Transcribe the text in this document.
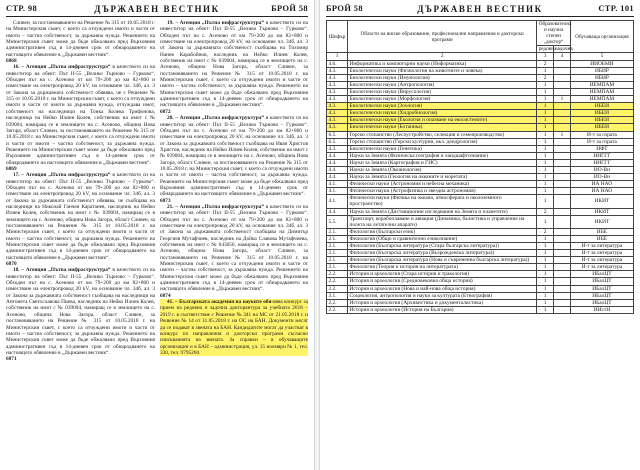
СТР. 98	ДЪРЖАВЕН ВЕСТНИК	БРОЙ 58

Сливен, за постановяването на Решение № 315 от 10.05.2018 г. на Министерския съвет, с което са отчуждени имоти и части от имоти – частна собственост, за държавна нужда. Решението на Министерския съвет може да бъде обжалвано пред Върховния административен съд в 14-дневен срок от обнародването на настоящото обявление в „Държавен вестник“.

6868

16. – Агенция „Пътна инфраструктура“ в качеството си на инвеститор на обект: Път II-55 „Велико Търново – Гурково“. Обходен път на с. Асеново от км 79+200 до км 82+800 и изместване на електропровод 20 kV, на основание чл. 34б, ал. 3 от Закона за държавната собственост обявява, че с Решение № 315 от 10.05.2018 г. на Министерския съвет, с което са отчуждени имоти и части от имоти за държавна нужда, отчуждава имот, собственост на наследници на Тонка Колева Трифонова, наследница на Нейко Илиев Колев, собственик на имот с № 039004, намиращ се в землището на с. Асеново, община Нова Загора, област Сливен, за постановяването на Решение № 315 от 10.05.2018 г. на Министерския съвет, с което са отчуждени имоти и части от имоти – частна собственост, за държавна нужда. Решението на Министерския съвет може да бъде обжалвано пред Върховния административен съд в 14-дневен срок от обнародването на настоящото обявление в „Държавен вестник“.

6869

17. – Агенция „Пътна инфраструктура“ в качеството си на инвеститор на обект: Път II-55 „Велико Търново – Гурково“. Обходен път на с. Асеново от км 79+200 до км 82+800 и изместване на електропровод 20 kV, на основание чл. 34б, ал. 3 от Закона за държавната собственост обявява, че съобщава на наследници на Николай Ганчев Каратанев, наследник на Нейко Илиев Колев, собственик на имот с № 039004, намиращ се в землището на с. Асеново, община Нова Загора, област Сливен, за постановяването на Решение № 315 от 10.05.2018 г. на Министерския съвет, с което са отчуждени имоти и части от имоти – частна собственост, за държавна нужда. Решението на Министерския съвет може да бъде обжалвано пред Върховния административен съд в 14-дневен срок от обнародването на настоящото обявление в „Държавен вестник“.

6870

18. – Агенция „Пътна инфраструктура“ в качеството си на инвеститор на обект: Път II-55 „Велико Търново – Гурково“. Обходен път на с. Асеново от км 79+200 до км 82+800 и изместване на електропровод 20 kV, на основание чл. 34б, ал. 3 от Закона за държавната собственост съобщава на наследници на Антонета Светославова Пиева, наследник на Нейко Илиев Колев, собственик на имот с № 039004, намиращ се в землището на с. Асеново, община Нова Загора, област Сливен, за постановяването на Решение № 315 от 10.05.2018 г. на Министерския съвет, с което са отчуждени имоти и части от имоти – частна собственост, за държавна нужда. Решението на Министерския съвет може да бъде обжалвано пред Върховния административен съд в 14-дневен срок от обнародването на настоящото обявление в „Държавен вестник“.

6871

19. – Агенция „Пътна инфраструктура“ в качеството си на инвеститор на обект: Път II-55 „Велико Търново – Гурково“. Обходен път на с. Асеново от км 79+200 до км 82+800 и изместване на електропровод 20 kV, на основание чл. 34б, ал. 3 от Закона за държавната собственост съобщава на Тихомир Нанев Карабойнов, наследник на Нейко Илиев Колев, собственик на имот с № 039004, намиращ се в землището на с. Асеново, община Нова Загора, област Сливен, за постановяването на Решение № 315 от 10.05.2018 г. на Министерския съвет, с което са отчуждени имоти и части от имоти – частна собственост, за държавна нужда. Решението на Министерския съвет може да бъде обжалвано пред Върховния административен съд в 14-дневен срок от обнародването на настоящото обявление в „Държавен вестник“.

6872

20. – Агенция „Пътна инфраструктура“ в качеството си на инвеститор на обект: Път II-55 „Велико Търново – Гурково“. Обходен път на с. Асеново от км 79+200 до км 82+800 и изместване на електропровод 20 kV, на основание чл. 34б, ал. 3 от Закона за държавната собственост съобщава на Иван Христов Христов, наследник на Нейко Илиев Колев, собственик на имот с № 039004, намиращ се в землището на с. Асеново, община Нова Загора, област Сливен, за постановяването на Решение № 315 от 10.05.2018 г. на Министерския съвет, с което са отчуждени имоти и части от имоти – частна собственост, за държавна нужда. Решението на Министерския съвет може да бъде обжалвано пред Върховния административен съд в 14-дневен срок от обнародването на настоящото обявление в „Държавен вестник“.

6873

21. – Агенция „Пътна инфраструктура“ в качеството си на инвеститор на обект: Път II-55 „Велико Търново – Гурково“. Обходен път на с. Асеново от км 79+200 до км 82+800 и изместване на електропровод 20 kV, на основание чл. 34б, ал. 3 от Закона за държавната собственост съобщава на Димитър Георгиев Мутафчиев, наследник на Дойка Славова Мутафчиева, собственик на имот с № 043050, намиращ се в землището на с. Асеново, община Нова Загора, област Сливен, за постановяването на Решение № 315 от 10.05.2018 г. на Министерския съвет, с което са отчуждени имоти и части от имоти – частна собственост, за държавна нужда. Решението на Министерския съвет може да бъде обжалвано пред Върховния административен съд в 14-дневен срок от обнародването на настоящото обявление в „Държавен вестник“.

6874

41. – Българската академия на науките обя-вява конкурс за прием на редовна и задочна докторантура за учебната 2018 – 2019 г. в съответствие с Решение № 341 на МС от 21.05.2018 г. и Решение № 14 от 31.05.2018 г. на ОС на БАН. Документи могат да се подават в звената на БАН. Кандидатите могат да участват в конкурс по направления и докторски програми съгласно изискванията на звената. За справки – в обучаващите организации и в БАН – администрация, ул. 15 ноември № 1, тел. 330, тел. 9795260.

БРОЙ 58	ДЪРЖАВЕН ВЕСТНИК	СТР. 101
Шифър	Области на висше образование, професионални направления и докторски програми	Образователна и научна степен „доктор“		Обучаваща организация
		редовна	задочна	
1	2	3	4	5
4.6.	Информатика и компютърни науки (Информатика)	2		ИИОБМИ
4.3.	Биологически науки (Физиология на животните и човека)	1		ИБИР
4.3.	Биологически науки (Имунология)	2		ИБИР
4.3.	Биологически науки (Антропология)	1		ИЕМПАМ
4.3.	Биологически науки (Вирусология)	1		ИЕМПАМ
4.3.	Биологически науки (Морфология)	1	1	ИЕМПАМ
4.3.	Биологически науки (Зоология)	1		ИБЕИ
4.3.	Биологически науки (Хидробиология)	1		ИБЕИ
4.3.	Биологически науки (Екология и опазване на екосистемите)	1		ИБЕИ
4.3.	Биологически науки (Ботаника)	1		ИБЕИ
6.5.	Горско стопанство (Лесоустройство, селекция и семепроизводство)	1	1	И-т за гората
6.5.	Горско стопанство (Горски културни, вкл. дендрология)	1		И-т за гората
4.3.	Биологически науки (Генетика)	1		ИФТ
4.4.	Науки за Земята (Физическа география и ландшафтознание)	1		НИГГГ
4.4.	Науки за Земята (Картография и ГИС)	1		НИГГГ
4.4.	Науки за Земята (Океанология)	1		ИО-Вн
4.4.	Науки за Земята (Геология на океаните и моретата)	1		ИО-Вн
4.1.	Физически науки (Астрономия и небесна механика)	1		ИА НАО
4.1.	Физически науки (Астрофизика и звездна астрономия)	1		ИА НАО
4.1.	Физически науки (Физика на океана, атмосферата и околоземното пространство)	1		ИКИТ
4.4.	Науки за Земята (Дистанционни изследвания на Земята и планетите)	2		ИКИТ
5.5.	Транспорт, корабоплаване и авиация (Динамика, балистика и управление на полета на летателни апарати)	1		ИКИТ
2.1.	Филология (Български език)	2		ИБЕ
2.1.	Филология (Общо и сравнително езикознание)	1		ИБЕ
2.1.	Филология (Българска литература (Стара българска литература))	1		И-т за литература
2.1.	Филология (Българска литература (Възрожденска литература))	1		И-т за литература
2.1.	Филология (Българска литература (Нова и съвременна българска литература))	1		И-т за литература
2.1.	Филология (Теория и история на литературата)	1		И-т за литература
2.2.	История и археология (Стара история и тракология)	1		ИБалЦТ
2.2.	История и археология (Средновековна обща история)	1		ИБалЦТ
2.2.	История и археология (Нова и най-нова обща история)	1		ИБалЦТ
3.1.	Социология, антропология и науки за културата (Етнография)	1		ИБалЦТ
2.2.	История и археология (Архивистика и документалистика)	1		ИБалЦТ
2.2.	История и археология (История на България)	1		ИИстН
